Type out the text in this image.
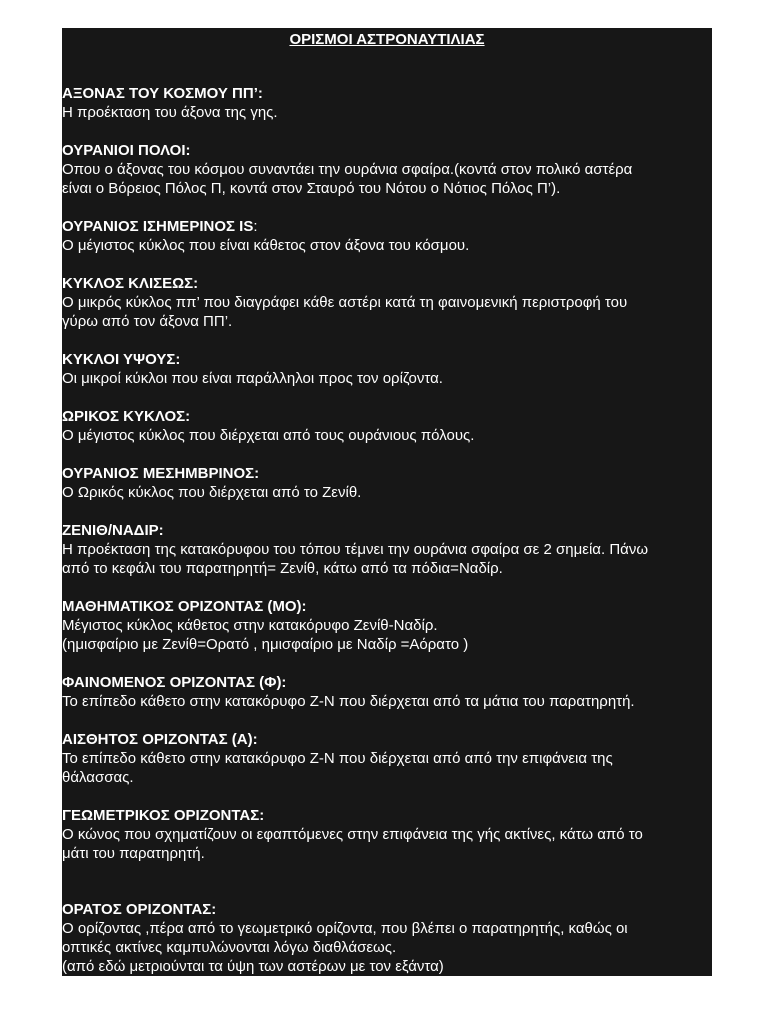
ΟΡΙΣΜΟΙ ΑΣΤΡΟΝΑΥΤΙΛΙΑΣ
ΑΞΟΝΑΣ ΤΟΥ ΚΟΣΜΟΥ ΠΠ’:
Η προέκταση του άξονα της γης.
ΟΥΡΑΝΙΟΙ ΠΟΛΟΙ:
Οπου ο άξονας του κόσμου συναντάει την ουράνια σφαίρα.(κοντά στον πολικό αστέρα
είναι ο Βόρειος Πόλος Π, κοντά στον Σταυρό του Νότου ο Νότιος Πόλος Π’).
ΟΥΡΑΝΙΟΣ ΙΣΗΜΕΡΙΝΟΣ IS:
Ο μέγιστος κύκλος που είναι κάθετος στον άξονα του κόσμου.
ΚΥΚΛΟΣ ΚΛΙΣΕΩΣ:
Ο μικρός κύκλος ππ’ που διαγράφει κάθε αστέρι κατά τη φαινομενική περιστροφή του
γύρω από τον άξονα ΠΠ’.
ΚΥΚΛΟΙ ΥΨΟΥΣ:
Οι μικροί κύκλοι που είναι παράλληλοι προς τον ορίζοντα.
ΩΡΙΚΟΣ ΚΥΚΛΟΣ:
Ο μέγιστος κύκλος που διέρχεται από τους ουράνιους πόλους.
ΟΥΡΑΝΙΟΣ ΜΕΣΗΜΒΡΙΝΟΣ:
Ο Ωρικός κύκλος που διέρχεται από το Ζενίθ.
ΖΕΝΙΘ/ΝΑΔΙΡ:
Η προέκταση της κατακόρυφου του τόπου τέμνει την ουράνια σφαίρα σε 2 σημεία. Πάνω
από το κεφάλι του παρατηρητή= Ζενίθ, κάτω από τα πόδια=Ναδίρ.
ΜΑΘΗΜΑΤΙΚΟΣ ΟΡΙΖΟΝΤΑΣ (ΜΟ):
Μέγιστος κύκλος κάθετος στην κατακόρυφο Ζενίθ-Ναδίρ.
(ημισφαίριο με Ζενίθ=Ορατό , ημισφαίριο με Ναδίρ =Αόρατο )
ΦΑΙΝΟΜΕΝΟΣ ΟΡΙΖΟΝΤΑΣ (Φ):
Το επίπεδο κάθετο στην κατακόρυφο Ζ-Ν που διέρχεται από τα μάτια του παρατηρητή.
ΑΙΣΘΗΤΟΣ ΟΡΙΖΟΝΤΑΣ (Α):
Το επίπεδο κάθετο στην κατακόρυφο Ζ-Ν που διέρχεται από από την επιφάνεια της
θάλασσας.
ΓΕΩΜΕΤΡΙΚΟΣ ΟΡΙΖΟΝΤΑΣ:
Ο κώνος που σχηματίζουν οι εφαπτόμενες στην επιφάνεια της γής ακτίνες, κάτω από το
μάτι του παρατηρητή.
ΟΡΑΤΟΣ ΟΡΙΖΟΝΤΑΣ:
Ο ορίζοντας ,πέρα από το γεωμετρικό ορίζοντα, που βλέπει ο παρατηρητής, καθώς οι
οπτικές ακτίνες καμπυλώνονται λόγω διαθλάσεως.
(από εδώ μετριούνται τα ύψη των αστέρων με τον εξάντα)
